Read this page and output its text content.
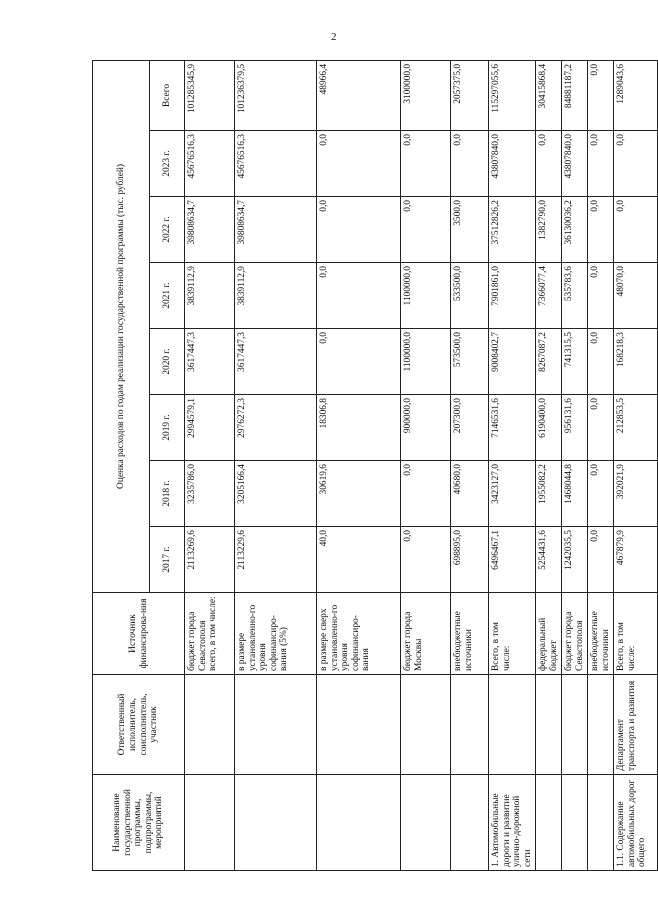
2
Наименование государственной программы, подпрограммы, мероприятий	Ответственный исполнитель, соисполнитель, участник	Источник финансирова-ния	Оценка расходов по годам реализации государственной программы (тыс. рублей)							
			2017 г.	2018 г.	2019 г.	2020 г.	2021 г.	2022 г.	2023 г.	Всего
		бюджет города Севастополя всего, в том числе:	2113269,6	3235786,0	2994579,1	3617447,3	3839112,9	39808634,7	45676516,3	101285345,9
		в размере установленно-го уровня софинансиро-вания (5%)	2113229,6	3205166,4	2976272,3	3617447,3	3839112,9	39808634,7	45676516,3	101236379,5
		в размере сверх установленно-го уровня софинансиро-вания	40,0	30619,6	18306,8	0,0	0,0	0,0	0,0	48966,4
		бюджет города Москвы	0,0	0,0	900000,0	1100000,0	1100000,0	0,0	0,0	3100000,0
		внебюджетные источники	698895,0	40680,0	207300,0	573500,0	533500,0	3500,0	0,0	2057375,0
1. Автомобильные дороги и развитие улично-дорожной сети		Всего, в том числе:	6496467,1	3423127,0	7146531,6	9008402,7	7901861,0	37512826,2	43807840,0	115297055,6
		федеральный бюджет	5254431,6	1955082,2	6190400,0	8267087,2	7366077,4	1382790,0	0,0	30415868,4
		бюджет города Севастополя	1242035,5	1468044,8	956131,6	741315,5	535783,6	36130036,2	43807840,0	84881187,2
		внебюджетные источники	0,0	0,0	0,0	0,0	0,0	0,0	0,0	0,0
1.1. Содержание автомобильных дорог общего	Департамент транспорта и развития	Всего, в том числе:	467879,9	392021,9	212853,5	168218,3	48070,0	0,0	0,0	1289043,6
